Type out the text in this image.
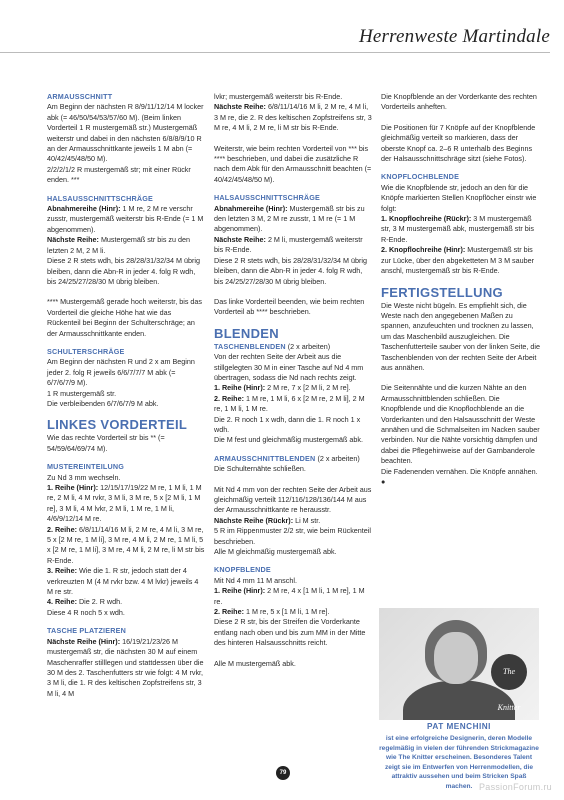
Herrenweste Martindale
ARMAUSSCHNITT

Am Beginn der nächsten R 8/9/11/12/14 M locker abk (= 46/50/54/53/57/60 M). (Beim linken Vorderteil 1 R mustergemäß str.) Mustergemäß weiterstr und dabei in den nächsten 6/8/8/9/10 R an der Armausschnittkante jeweils 1 M abn (= 40/42/45/48/50 M).

2/2/2/1/2 R mustergemäß str; mit einer Rückr enden. ***

HALSAUSSCHNITTSCHRÄGE

Abnahmereihe (Hinr): 1 M re, 2 M re verschr zusstr, mustergemäß weiterstr bis R-Ende (= 1 M abgenommen).

Nächste Reihe: Mustergemäß str bis zu den letzten 2 M, 2 M li.

Diese 2 R stets wdh, bis 28/28/31/32/34 M übrig bleiben, dann die Abn-R in jeder 4. folg R wdh, bis 24/25/27/28/30 M übrig bleiben.

**** Mustergemäß gerade hoch weiterstr, bis das Vorderteil die gleiche Höhe hat wie das Rückenteil bei Beginn der Schulterschräge; an der Armausschnittkante enden.

SCHULTERSCHRÄGE

Am Beginn der nächsten R und 2 x am Beginn jeder 2. folg R jeweils 6/6/7/7/7 M abk (= 6/7/6/7/9 M).

1 R mustergemäß str.

Die verbleibenden 6/7/6/7/9 M abk.

LINKES VORDERTEIL

Wie das rechte Vorderteil str bis ** (= 54/59/64/69/74 M).

MUSTEREINTEILUNG

Zu Nd 3 mm wechseln.

1. Reihe (Hinr): 12/15/17/19/22 M re, 1 M li, 1 M re, 2 M li, 4 M rvkr, 3 M li, 3 M re, 5 x [2 M li, 1 M re], 3 M li, 4 M lvkr, 2 M li, 1 M re, 1 M li, 4/6/9/12/14 M re.

2. Reihe: 6/8/11/14/16 M li, 2 M re, 4 M li, 3 M re, 5 x [2 M re, 1 M li], 3 M re, 4 M li, 2 M re, 1 M li, 5 x [2 M re, 1 M li], 3 M re, 4 M li, 2 M re, li M str bis R-Ende.

3. Reihe: Wie die 1. R str, jedoch statt der 4 verkreuzten M (4 M rvkr bzw. 4 M lvkr) jeweils 4 M re str.

4. Reihe: Die 2. R wdh.

Diese 4 R noch 5 x wdh.

TASCHE PLATZIEREN

Nächste Reihe (Hinr): 16/19/21/23/26 M mustergemäß str, die nächsten 30 M auf einem Maschenraffer stilllegen und stattdessen über die 30 M des 2. Taschenfutters str wie folgt: 4 M rvkr, 3 M li, die 1. R des keltischen Zopfstreifens str, 3 M li, 4 M

lvkr; mustergemäß weiterstr bis R-Ende.

Nächste Reihe: 6/8/11/14/16 M li, 2 M re, 4 M li, 3 M re, die 2. R des keltischen Zopfstreifens str, 3 M re, 4 M li, 2 M re, li M str bis R-Ende.

Weiterstr, wie beim rechten Vorderteil von *** bis **** beschrieben, und dabei die zusätzliche R nach dem Abk für den Armausschnitt beachten (= 40/42/45/48/50 M).

HALSAUSSCHNITTSCHRÄGE

Abnahmereihe (Hinr): Mustergemäß str bis zu den letzten 3 M, 2 M re zusstr, 1 M re (= 1 M abgenommen).

Nächste Reihe: 2 M li, mustergemäß weiterstr bis R-Ende.

Diese 2 R stets wdh, bis 28/28/31/32/34 M übrig bleiben, dann die Abn-R in jeder 4. folg R wdh, bis 24/25/27/28/30 M übrig bleiben.

Das linke Vorderteil beenden, wie beim rechten Vorderteil ab **** beschrieben.

BLENDEN

TASCHENBLENDEN (2 x arbeiten)

Von der rechten Seite der Arbeit aus die stillgelegten 30 M in einer Tasche auf Nd 4 mm übertragen, sodass die Nd nach rechts zeigt.

1. Reihe (Hinr): 2 M re, 7 x [2 M li, 2 M re].

2. Reihe: 1 M re, 1 M li, 6 x [2 M re, 2 M li], 2 M re, 1 M li, 1 M re.

Die 2. R noch 1 x wdh, dann die 1. R noch 1 x wdh.

Die M fest und gleichmäßig mustergemäß abk.

ARMAUSSCHNITTBLENDEN (2 x arbeiten)

Die Schulternähte schließen.

Mit Nd 4 mm von der rechten Seite der Arbeit aus gleichmäßig verteilt 112/116/128/136/144 M aus der Armausschnittkante re herausstr.

Nächste Reihe (Rückr): Li M str.

5 R im Rippenmuster 2/2 str, wie beim Rückenteil beschrieben.

Alle M gleichmäßig mustergemäß abk.

KNOPFBLENDE

Mit Nd 4 mm 11 M anschl.

1. Reihe (Hinr): 2 M re, 4 x [1 M li, 1 M re], 1 M re.

2. Reihe: 1 M re, 5 x [1 M li, 1 M re].

Diese 2 R str, bis der Streifen die Vorderkante entlang nach oben und bis zum MM in der Mitte des hinteren Halsausschnitts reicht.

Alle M mustergemäß abk.

Die Knopfblende an der Vorderkante des rechten Vorderteils anheften.

Die Positionen für 7 Knöpfe auf der Knopfblende gleichmäßig verteilt so markieren, dass der oberste Knopf ca. 2–6 R unterhalb des Beginns der Halsausschnittschräge sitzt (siehe Fotos).

KNOPFLOCHBLENDE

Wie die Knopfblende str, jedoch an den für die Knöpfe markierten Stellen Knopflöcher einstr wie folgt:

1. Knopflochreihe (Rückr): 3 M mustergemäß str, 3 M mustergemäß abk, mustergemäß str bis R-Ende.

2. Knopflochreihe (Hinr): Mustergemäß str bis zur Lücke, über den abgeketteten M 3 M sauber anschl, mustergemäß str bis R-Ende.

FERTIGSTELLUNG

Die Weste nicht bügeln. Es empfiehlt sich, die Weste nach den angegebenen Maßen zu spannen, anzufeuchten und trocknen zu lassen, um das Maschenbild auszugleichen. Die Taschenfutterteile sauber von der linken Seite, die Taschenblenden von der rechten Seite der Arbeit aus annähen.

Die Seitennähte und die kurzen Nähte an den Armausschnittblenden schließen. Die Knopfblende und die Knopflochblende an die Vorderkanten und den Halsausschnitt der Weste annähen und die Schmalseiten im Nacken sauber verbinden. Nur die Nähte vorsichtig dämpfen und dabei die Pflegehinweise auf der Garnbanderole beachten.

Die Fadenenden vernähen. Die Knöpfe annähen. ●

The Knitter
PAT MENCHINI
ist eine erfolgreiche Designerin, deren Modelle regelmäßig in vielen der führenden Strickmagazine wie The Knitter erscheinen. Besonderes Talent zeigt sie im Entwerfen von Herrenmodellen, die attraktiv aussehen und beim Stricken Spaß machen.
79
PassionForum.ru
